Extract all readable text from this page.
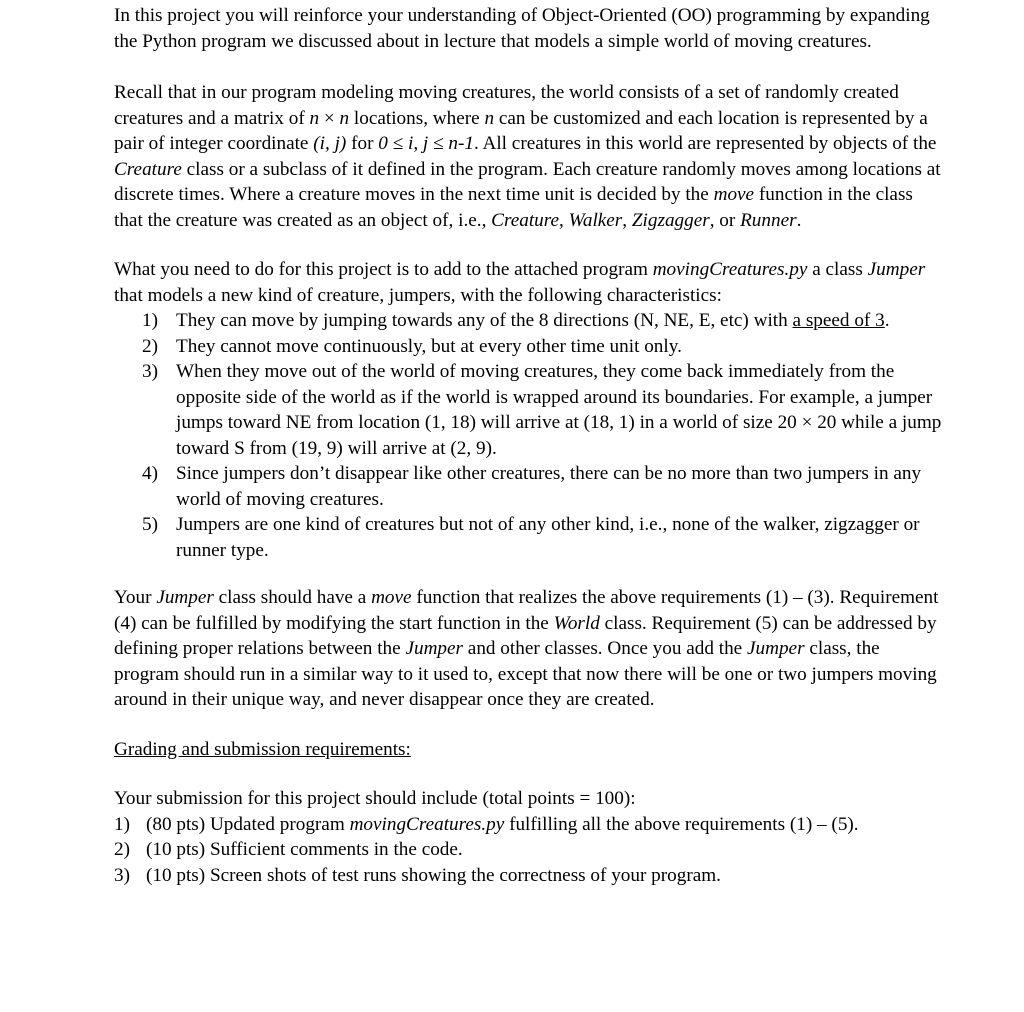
In this project you will reinforce your understanding of Object-Oriented (OO) programming by expanding the Python program we discussed about in lecture that models a simple world of moving creatures.

Recall that in our program modeling moving creatures, the world consists of a set of randomly created creatures and a matrix of n × n locations, where n can be customized and each location is represented by a pair of integer coordinate (i, j) for 0 ≤ i, j ≤ n-1. All creatures in this world are represented by objects of the Creature class or a subclass of it defined in the program. Each creature randomly moves among locations at discrete times. Where a creature moves in the next time unit is decided by the move function in the class that the creature was created as an object of, i.e., Creature, Walker, Zigzagger, or Runner.

What you need to do for this project is to add to the attached program movingCreatures.py a class Jumper that models a new kind of creature, jumpers, with the following characteristics:

1) They can move by jumping towards any of the 8 directions (N, NE, E, etc) with a speed of 3.
2) They cannot move continuously, but at every other time unit only.
3) When they move out of the world of moving creatures, they come back immediately from the opposite side of the world as if the world is wrapped around its boundaries. For example, a jumper jumps toward NE from location (1, 18) will arrive at (18, 1) in a world of size 20 × 20 while a jump toward S from (19, 9) will arrive at (2, 9).
4) Since jumpers don’t disappear like other creatures, there can be no more than two jumpers in any world of moving creatures.
5) Jumpers are one kind of creatures but not of any other kind, i.e., none of the walker, zigzagger or runner type.

Your Jumper class should have a move function that realizes the above requirements (1) – (3). Requirement (4) can be fulfilled by modifying the start function in the World class. Requirement (5) can be addressed by defining proper relations between the Jumper and other classes. Once you add the Jumper class, the program should run in a similar way to it used to, except that now there will be one or two jumpers moving around in their unique way, and never disappear once they are created.

Grading and submission requirements:

Your submission for this project should include (total points = 100):

1) (80 pts) Updated program movingCreatures.py fulfilling all the above requirements (1) – (5).
2) (10 pts) Sufficient comments in the code.
3) (10 pts) Screen shots of test runs showing the correctness of your program.
